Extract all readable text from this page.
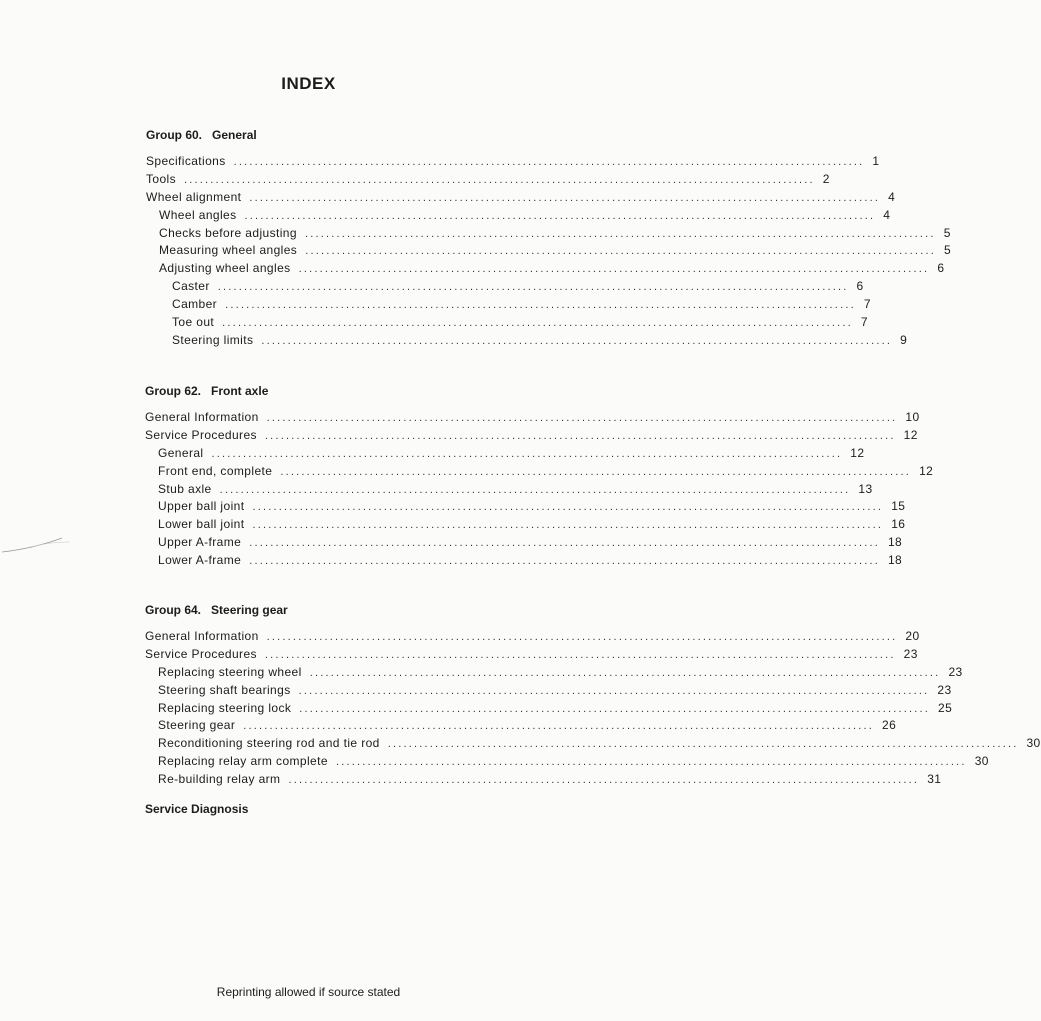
INDEX
Group 60. General
Specifications ........................................................................................................................ 1
Tools ........................................................................................................................ 2
Wheel alignment ........................................................................................................................ 4
Wheel angles ........................................................................................................................ 4
Checks before adjusting ........................................................................................................................ 5
Measuring wheel angles ........................................................................................................................ 5
Adjusting wheel angles ........................................................................................................................ 6
Caster ........................................................................................................................ 6
Camber ........................................................................................................................ 7
Toe out ........................................................................................................................ 7
Steering limits ........................................................................................................................ 9
Group 62. Front axle
General Information ........................................................................................................................ 10
Service Procedures ........................................................................................................................ 12
General ........................................................................................................................ 12
Front end, complete ........................................................................................................................ 12
Stub axle ........................................................................................................................ 13
Upper ball joint ........................................................................................................................ 15
Lower ball joint ........................................................................................................................ 16
Upper A-frame ........................................................................................................................ 18
Lower A-frame ........................................................................................................................ 18
Group 64. Steering gear
General Information ........................................................................................................................ 20
Service Procedures ........................................................................................................................ 23
Replacing steering wheel ........................................................................................................................ 23
Steering shaft bearings ........................................................................................................................ 23
Replacing steering lock ........................................................................................................................ 25
Steering gear ........................................................................................................................ 26
Reconditioning steering rod and tie rod ........................................................................................................................ 30
Replacing relay arm complete ........................................................................................................................ 30
Re-building relay arm ........................................................................................................................ 31
Service Diagnosis
Reprinting allowed if source stated
